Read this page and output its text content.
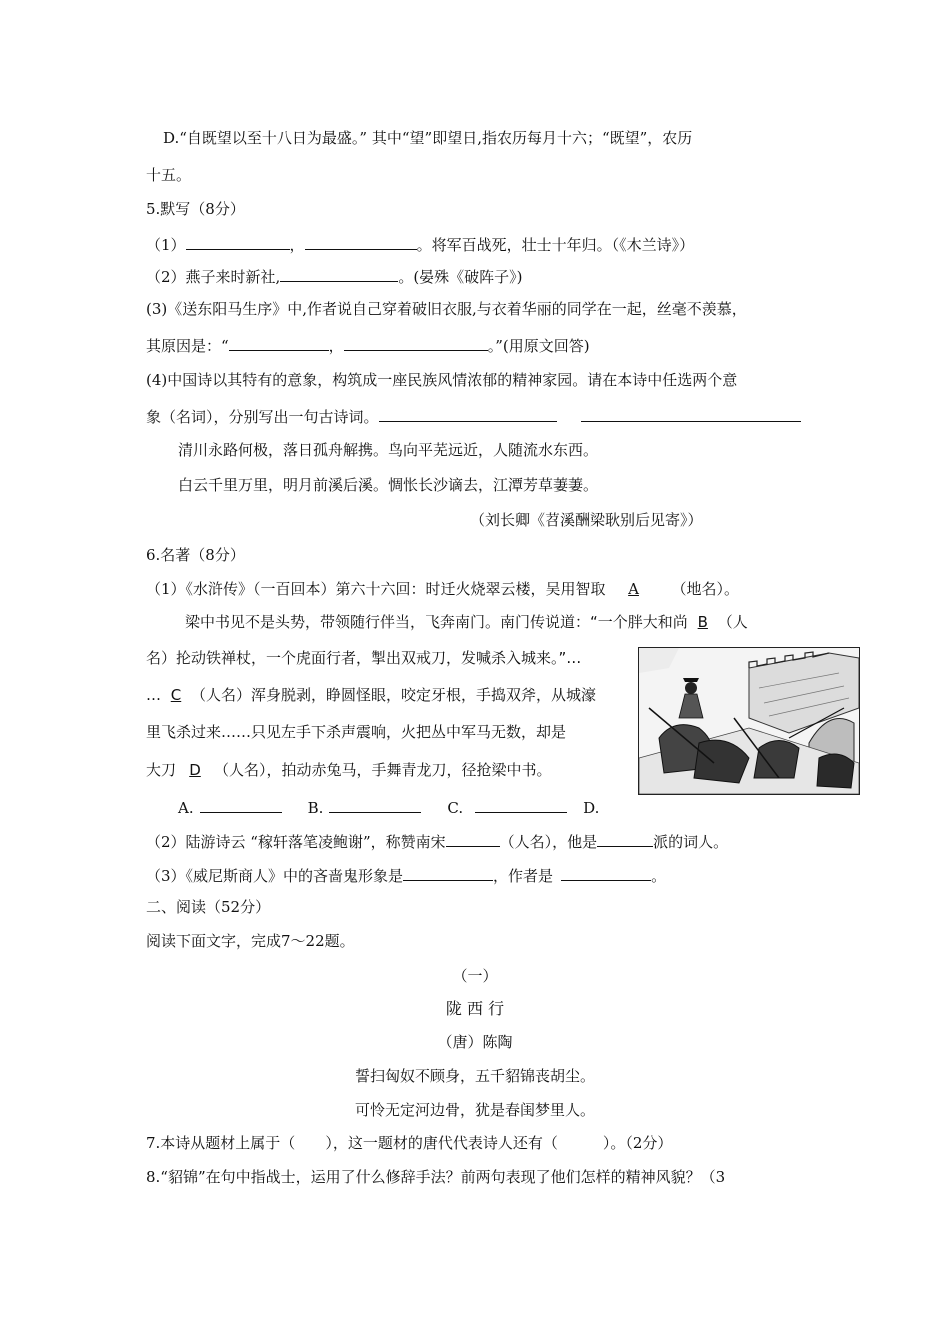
D.“自既望以至十八日为最盛。” 其中“望”即望日,指农历每月十六；“既望”，农历
十五。
5.默写（8分）
（1）	，	。将军百战死，壮士十年归。（《木兰诗》）
（2）燕子来时新社,	。(晏殊《破阵子》)
(3)《送东阳马生序》中,作者说自己穿着破旧衣服,与衣着华丽的同学在一起，丝毫不羡慕，
其原因是：“	，	。”(用原文回答)
(4)中国诗以其特有的意象，构筑成一座民族风情浓郁的精神家园。请在本诗中任选两个意
象（名词），分别写出一句古诗词。
清川永路何极，落日孤舟解携。鸟向平芜远近，人随流水东西。
白云千里万里，明月前溪后溪。惆怅长沙谪去，江潭芳草萋萋。
（刘长卿《苕溪酬梁耿别后见寄》）
6.名著（8分）
（1）《水浒传》（一百回本）第六十六回：时迁火烧翠云楼，吴用智取 A （地名）。
梁中书见不是头势，带领随行伴当，飞奔南门。南门传说道：“一个胖大和尚 B （人
名）抡动铁禅杖，一个虎面行者，掣出双戒刀，发喊杀入城来。”…
… C （人名）浑身脱剥，睁圆怪眼，咬定牙根，手捣双斧，从城濠
里飞杀过来……只见左手下杀声震响，火把丛中军马无数，却是
大刀 D （人名），拍动赤兔马，手舞青龙刀，径抢梁中书。
A.	B.	C.	D.
（2）陆游诗云 “稼轩落笔凌鲍谢”，称赞南宋	（人名），他是	派的词人。
（3）《威尼斯商人》中的吝啬鬼形象是	，作者是	。
二、阅读（52分）
阅读下面文字，完成7～22题。
（一）
陇 西 行
（唐）陈陶
誓扫匈奴不顾身，五千貂锦丧胡尘。
可怜无定河边骨，犹是春闺梦里人。
7.本诗从题材上属于（　　），这一题材的唐代代表诗人还有（　　　）。（2分）
8.“貂锦”在句中指战士，运用了什么修辞手法？前两句表现了他们怎样的精神风貌？（3
